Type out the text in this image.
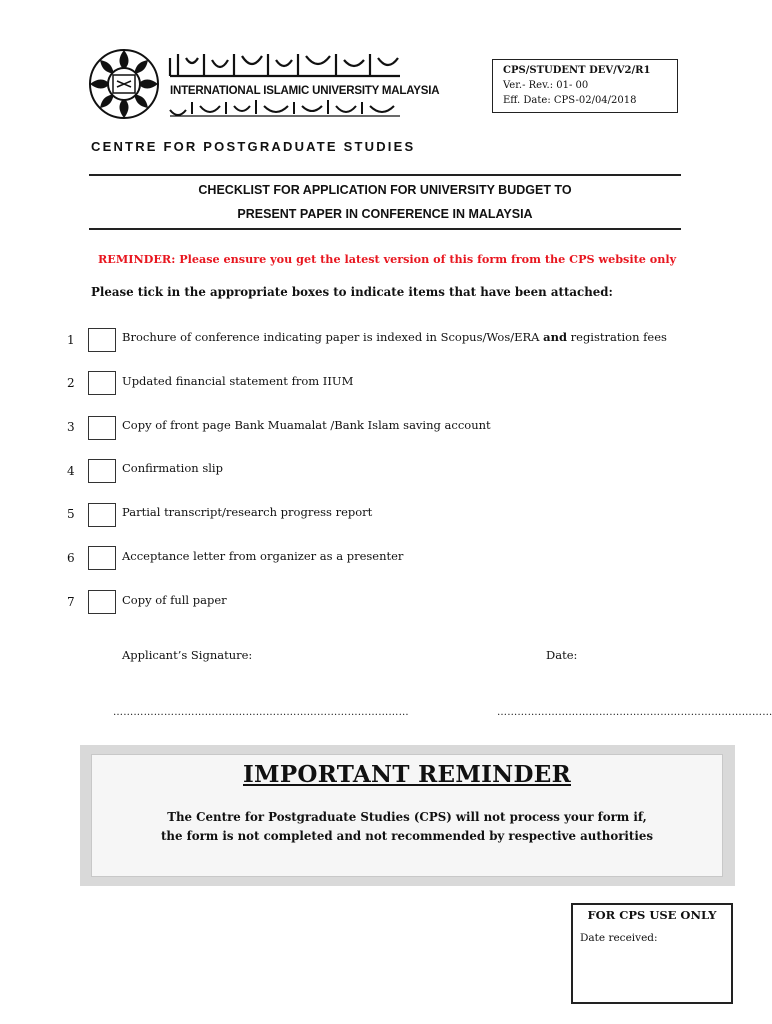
INTERNATIONAL ISLAMIC UNIVERSITY MALAYSIA
CPS/STUDENT DEV/V2/R1
Ver.- Rev.: 01- 00
Eff. Date: CPS-02/04/2018
CENTRE FOR POSTGRADUATE STUDIES
CHECKLIST FOR APPLICATION FOR UNIVERSITY BUDGET TO
PRESENT PAPER IN CONFERENCE IN MALAYSIA
REMINDER: Please ensure you get the latest version of this form from the CPS website only
Please tick in the appropriate boxes to indicate items that have been attached:
1	Brochure of conference indicating paper is indexed in Scopus/Wos/ERA and registration fees
2	Updated financial statement from IIUM
3	Copy of front page Bank Muamalat /Bank Islam saving account
4	Confirmation slip
5	Partial transcript/research progress report
6	Acceptance letter from organizer as a presenter
7	Copy of full paper
Applicant’s Signature:	Date:
……………………………………………………………………………	………………………………………………………………………
IMPORTANT REMINDER
The Centre for Postgraduate Studies (CPS) will not process your form if,
the form is not completed and not recommended by respective authorities
FOR CPS USE ONLY
Date received:
